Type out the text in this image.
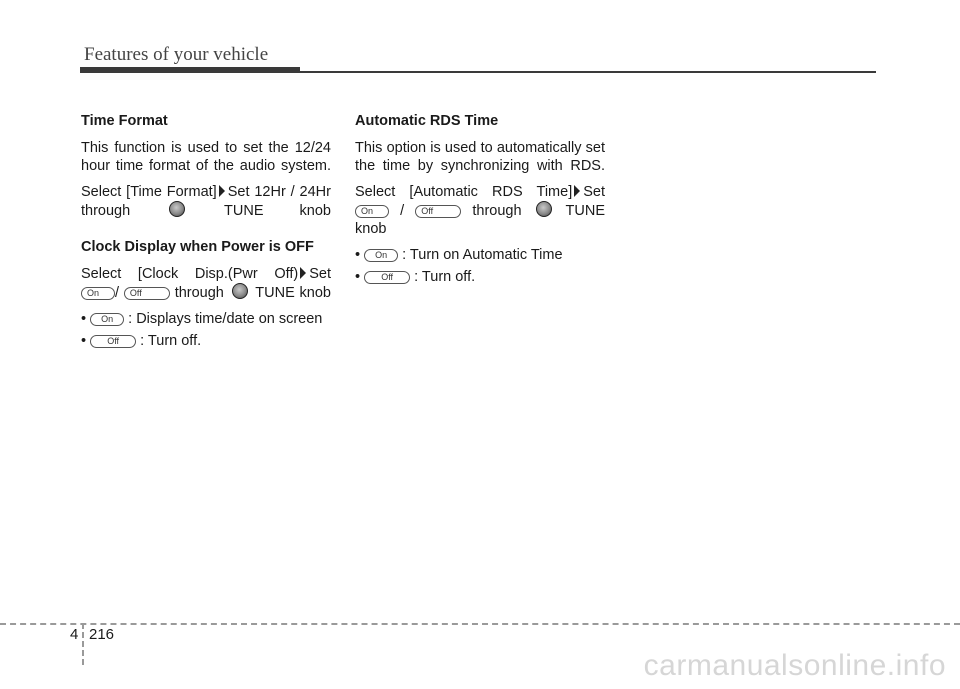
Features of your vehicle
Time Format

This function is used to set the 12/24 hour time format of the audio system.

Select [Time Format] Set 12Hr / 24Hr through	TUNE knob

Clock Display when Power is OFF

Select [Clock Disp.(Pwr Off) Set On / Off through TUNE knob

• On : Displays time/date on screen
• Off : Turn off.
Automatic RDS Time

This option is used to automatically set the time by synchronizing with RDS.

Select [Automatic RDS Time] Set On / Off	through	TUNE knob

• On : Turn on Automatic Time
• Off : Turn off.
4 216
carmanualsonline.info
